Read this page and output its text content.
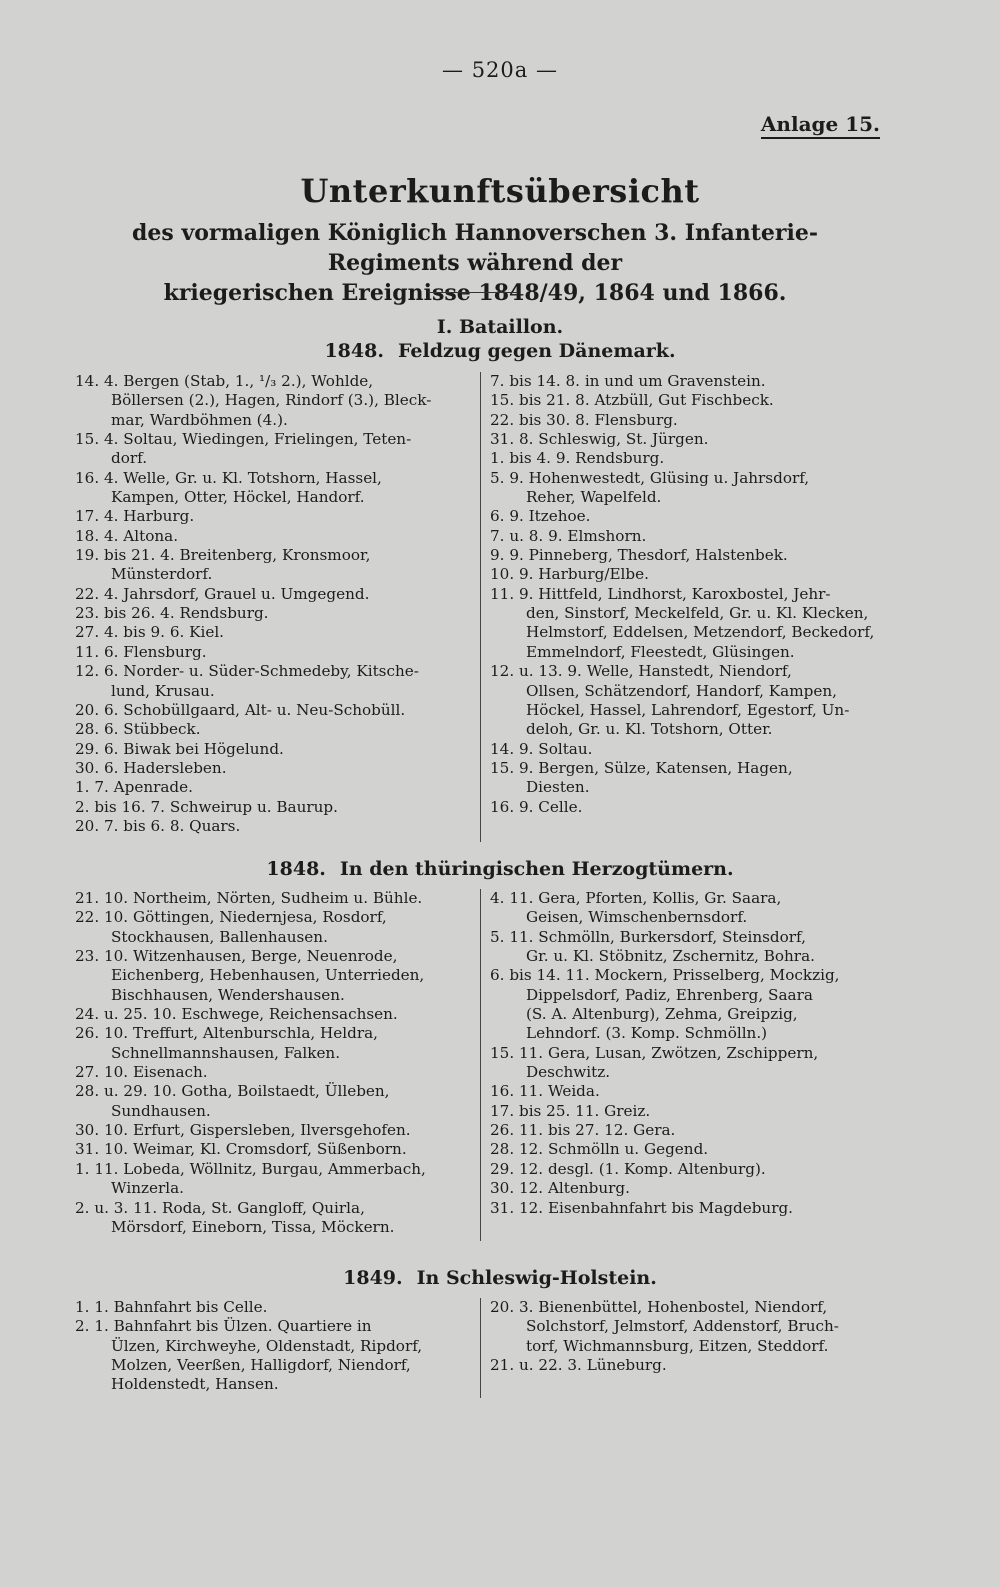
— 520a —
Anlage 15.
Unterkunftsübersicht
des vormaligen Königlich Hannoverschen 3. Infanterie-Regiments während der
kriegerischen Ereignisse 1848/49, 1864 und 1866.
I. Bataillon.
1848. Feldzug gegen Dänemark.
14. 4. Bergen (Stab, 1., ¹/₃ 2.), Wohlde,
Böllersen (2.), Hagen, Rindorf (3.), Bleck-
mar, Wardböhmen (4.).
15. 4. Soltau, Wiedingen, Frielingen, Teten-
dorf.
16. 4. Welle, Gr. u. Kl. Totshorn, Hassel,
Kampen, Otter, Höckel, Handorf.
17. 4. Harburg.
18. 4. Altona.
19. bis 21. 4. Breitenberg, Kronsmoor,
Münsterdorf.
22. 4. Jahrsdorf, Grauel u. Umgegend.
23. bis 26. 4. Rendsburg.
27. 4. bis 9. 6. Kiel.
11. 6. Flensburg.
12. 6. Norder- u. Süder-Schmedeby, Kitsche-
lund, Krusau.
20. 6. Schobüllgaard, Alt- u. Neu-Schobüll.
28. 6. Stübbeck.
29. 6. Biwak bei Högelund.
30. 6. Hadersleben.
1. 7. Apenrade.
2. bis 16. 7. Schweirup u. Baurup.
20. 7. bis 6. 8. Quars.
7. bis 14. 8. in und um Gravenstein.
15. bis 21. 8. Atzbüll, Gut Fischbeck.
22. bis 30. 8. Flensburg.
31. 8. Schleswig, St. Jürgen.
1. bis 4. 9. Rendsburg.
5. 9. Hohenwestedt, Glüsing u. Jahrsdorf,
Reher, Wapelfeld.
6. 9. Itzehoe.
7. u. 8. 9. Elmshorn.
9. 9. Pinneberg, Thesdorf, Halstenbek.
10. 9. Harburg/Elbe.
11. 9. Hittfeld, Lindhorst, Karoxbostel, Jehr-
den, Sinstorf, Meckelfeld, Gr. u. Kl. Klecken,
Helmstorf, Eddelsen, Metzendorf, Beckedorf,
Emmelndorf, Fleestedt, Glüsingen.
12. u. 13. 9. Welle, Hanstedt, Niendorf,
Ollsen, Schätzendorf, Handorf, Kampen,
Höckel, Hassel, Lahrendorf, Egestorf, Un-
deloh, Gr. u. Kl. Totshorn, Otter.
14. 9. Soltau.
15. 9. Bergen, Sülze, Katensen, Hagen,
Diesten.
16. 9. Celle.
1848. In den thüringischen Herzogtümern.
21. 10. Northeim, Nörten, Sudheim u. Bühle.
22. 10. Göttingen, Niedernjesa, Rosdorf,
Stockhausen, Ballenhausen.
23. 10. Witzenhausen, Berge, Neuenrode,
Eichenberg, Hebenhausen, Unterrieden,
Bischhausen, Wendershausen.
24. u. 25. 10. Eschwege, Reichensachsen.
26. 10. Treffurt, Altenburschla, Heldra,
Schnellmannshausen, Falken.
27. 10. Eisenach.
28. u. 29. 10. Gotha, Boilstaedt, Ülleben,
Sundhausen.
30. 10. Erfurt, Gispersleben, Ilversgehofen.
31. 10. Weimar, Kl. Cromsdorf, Süßenborn.
1. 11. Lobeda, Wöllnitz, Burgau, Ammerbach,
Winzerla.
2. u. 3. 11. Roda, St. Gangloff, Quirla,
Mörsdorf, Eineborn, Tissa, Möckern.
4. 11. Gera, Pforten, Kollis, Gr. Saara,
Geisen, Wimschenbernsdorf.
5. 11. Schmölln, Burkersdorf, Steinsdorf,
Gr. u. Kl. Stöbnitz, Zschernitz, Bohra.
6. bis 14. 11. Mockern, Prisselberg, Mockzig,
Dippelsdorf, Padiz, Ehrenberg, Saara
(S. A. Altenburg), Zehma, Greipzig,
Lehndorf. (3. Komp. Schmölln.)
15. 11. Gera, Lusan, Zwötzen, Zschippern,
Deschwitz.
16. 11. Weida.
17. bis 25. 11. Greiz.
26. 11. bis 27. 12. Gera.
28. 12. Schmölln u. Gegend.
29. 12. desgl. (1. Komp. Altenburg).
30. 12. Altenburg.
31. 12. Eisenbahnfahrt bis Magdeburg.
1849. In Schleswig-Holstein.
1. 1. Bahnfahrt bis Celle.
2. 1. Bahnfahrt bis Ülzen. Quartiere in
Ülzen, Kirchweyhe, Oldenstadt, Ripdorf,
Molzen, Veerßen, Halligdorf, Niendorf,
Holdenstedt, Hansen.
20. 3. Bienenbüttel, Hohenbostel, Niendorf,
Solchstorf, Jelmstorf, Addenstorf, Bruch-
torf, Wichmannsburg, Eitzen, Steddorf.
21. u. 22. 3. Lüneburg.
